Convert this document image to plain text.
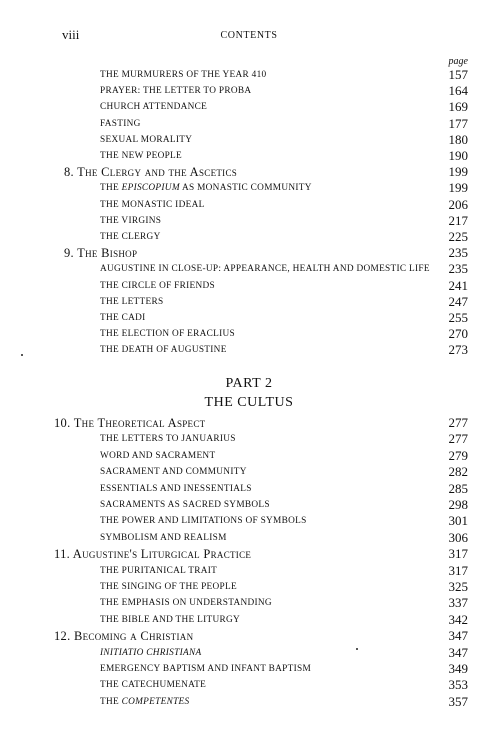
viii	CONTENTS
page
THE MURMURERS OF THE YEAR 410	157
PRAYER: THE LETTER TO PROBA	164
CHURCH ATTENDANCE	169
FASTING	177
SEXUAL MORALITY	180
THE NEW PEOPLE	190
8. The Clergy and the Ascetics	199
THE EPISCOPIUM AS MONASTIC COMMUNITY	199
THE MONASTIC IDEAL	206
THE VIRGINS	217
THE CLERGY	225
9. The Bishop	235
AUGUSTINE IN CLOSE-UP: APPEARANCE, HEALTH AND DOMESTIC LIFE 235
THE CIRCLE OF FRIENDS	241
THE LETTERS	247
THE CADI	255
THE ELECTION OF ERACLIUS	270
THE DEATH OF AUGUSTINE	273
PART 2
THE CULTUS
10. The Theoretical Aspect	277
THE LETTERS TO JANUARIUS	277
WORD AND SACRAMENT	279
SACRAMENT AND COMMUNITY	282
ESSENTIALS AND INESSENTIALS	285
SACRAMENTS AS SACRED SYMBOLS	298
THE POWER AND LIMITATIONS OF SYMBOLS	301
SYMBOLISM AND REALISM	306
11. Augustine's Liturgical Practice	317
THE PURITANICAL TRAIT	317
THE SINGING OF THE PEOPLE	325
THE EMPHASIS ON UNDERSTANDING	337
THE BIBLE AND THE LITURGY	342
12. Becoming a Christian	347
INITIATIO CHRISTIANA	347
EMERGENCY BAPTISM AND INFANT BAPTISM	349
THE CATECHUMENATE	353
THE COMPETENTES	357
